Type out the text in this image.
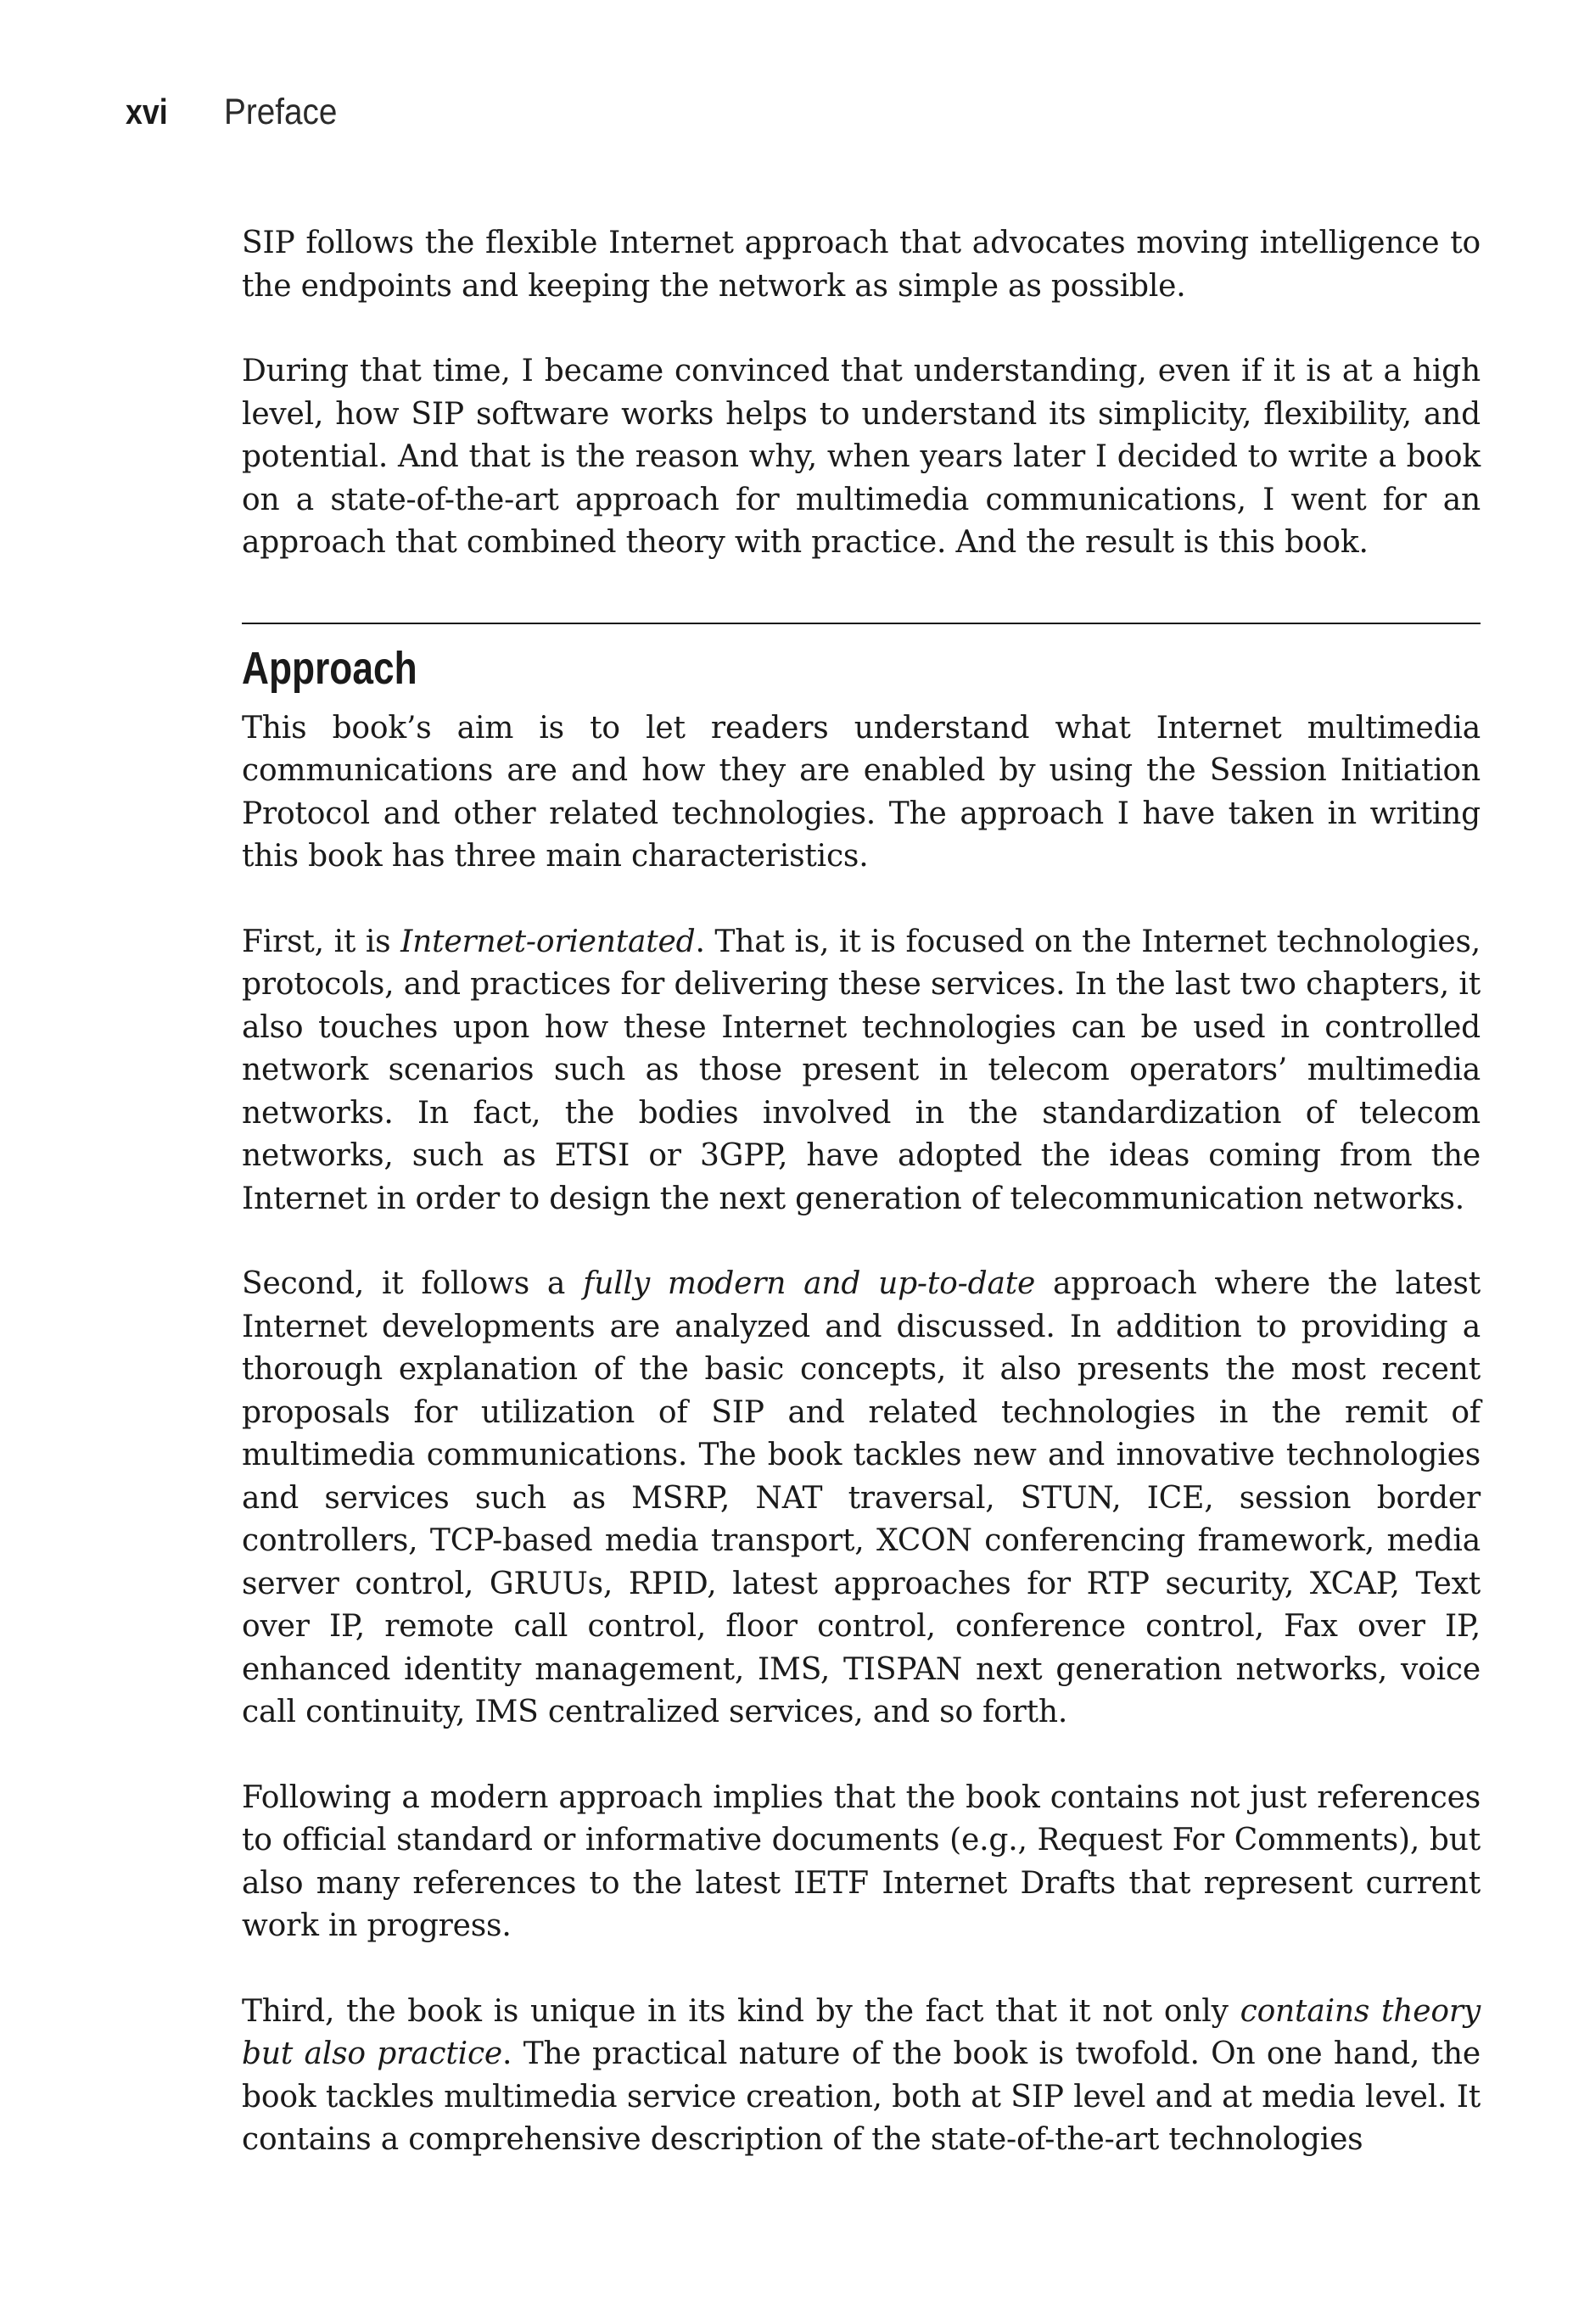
xvi Preface

SIP follows the flexible Internet approach that advocates moving intelligence to the endpoints and keeping the network as simple as possible.

During that time, I became convinced that understanding, even if it is at a high level, how SIP software works helps to understand its simplicity, flexibility, and potential. And that is the reason why, when years later I decided to write a book on a state-of-the-art approach for multimedia communications, I went for an approach that combined theory with practice. And the result is this book.

Approach

This book’s aim is to let readers understand what Internet multimedia communications are and how they are enabled by using the Session Initiation Protocol and other related technologies. The approach I have taken in writing this book has three main characteristics.

First, it is Internet-orientated. That is, it is focused on the Internet technologies, protocols, and practices for delivering these services. In the last two chapters, it also touches upon how these Internet technologies can be used in controlled network scenarios such as those present in telecom operators’ multimedia networks. In fact, the bodies involved in the standardization of telecom networks, such as ETSI or 3GPP, have adopted the ideas coming from the Internet in order to design the next generation of telecommunication networks.

Second, it follows a fully modern and up-to-date approach where the latest Internet developments are analyzed and discussed. In addition to providing a thorough explanation of the basic concepts, it also presents the most recent proposals for utilization of SIP and related technologies in the remit of multimedia communications. The book tackles new and innovative technologies and services such as MSRP, NAT traversal, STUN, ICE, session border controllers, TCP-based media transport, XCON conferencing framework, media server control, GRUUs, RPID, latest approaches for RTP security, XCAP, Text over IP, remote call control, floor control, conference control, Fax over IP, enhanced identity management, IMS, TISPAN next generation networks, voice call continuity, IMS centralized services, and so forth.

Following a modern approach implies that the book contains not just references to official standard or informative documents (e.g., Request For Comments), but also many references to the latest IETF Internet Drafts that represent current work in progress.

Third, the book is unique in its kind by the fact that it not only contains theory but also practice. The practical nature of the book is twofold. On one hand, the book tackles multimedia service creation, both at SIP level and at media level. It contains a comprehensive description of the state-of-the-art technologies
